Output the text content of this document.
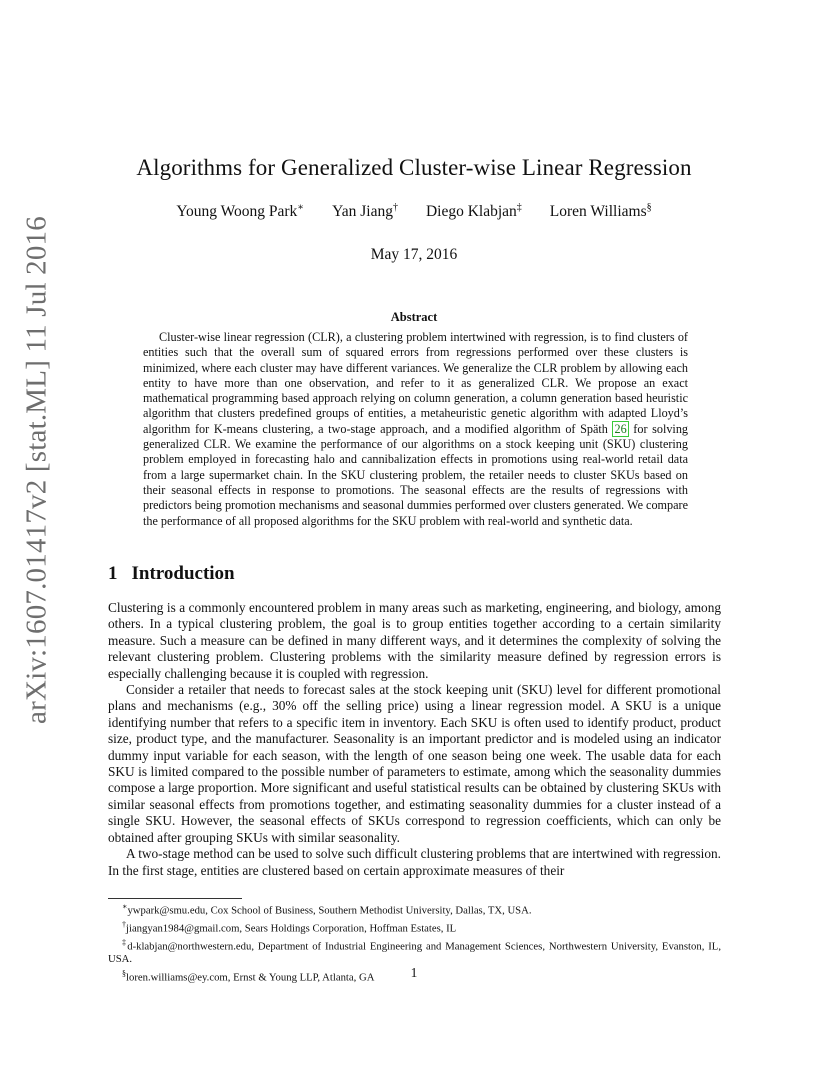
arXiv:1607.01417v2 [stat.ML] 11 Jul 2016
Algorithms for Generalized Cluster-wise Linear Regression
Young Woong Park∗ Yan Jiang† Diego Klabjan‡ Loren Williams§
May 17, 2016
Abstract
Cluster-wise linear regression (CLR), a clustering problem intertwined with regression, is to find clusters of entities such that the overall sum of squared errors from regressions performed over these clusters is minimized, where each cluster may have different variances. We generalize the CLR problem by allowing each entity to have more than one observation, and refer to it as generalized CLR. We propose an exact mathematical programming based approach relying on column generation, a column generation based heuristic algorithm that clusters predefined groups of entities, a metaheuristic genetic algorithm with adapted Lloyd’s algorithm for K-means clustering, a two-stage approach, and a modified algorithm of Späth 26 for solving generalized CLR. We examine the performance of our algorithms on a stock keeping unit (SKU) clustering problem employed in forecasting halo and cannibalization effects in promotions using real-world retail data from a large supermarket chain. In the SKU clustering problem, the retailer needs to cluster SKUs based on their seasonal effects in response to promotions. The seasonal effects are the results of regressions with predictors being promotion mechanisms and seasonal dummies performed over clusters generated. We compare the performance of all proposed algorithms for the SKU problem with real-world and synthetic data.
1 Introduction

Clustering is a commonly encountered problem in many areas such as marketing, engineering, and biology, among others. In a typical clustering problem, the goal is to group entities together according to a certain similarity measure. Such a measure can be defined in many different ways, and it determines the complexity of solving the relevant clustering problem. Clustering problems with the similarity measure defined by regression errors is especially challenging because it is coupled with regression.

Consider a retailer that needs to forecast sales at the stock keeping unit (SKU) level for different promotional plans and mechanisms (e.g., 30% off the selling price) using a linear regression model. A SKU is a unique identifying number that refers to a specific item in inventory. Each SKU is often used to identify product, product size, product type, and the manufacturer. Seasonality is an important predictor and is modeled using an indicator dummy input variable for each season, with the length of one season being one week. The usable data for each SKU is limited compared to the possible number of parameters to estimate, among which the seasonality dummies compose a large proportion. More significant and useful statistical results can be obtained by clustering SKUs with similar seasonal effects from promotions together, and estimating seasonality dummies for a cluster instead of a single SKU. However, the seasonal effects of SKUs correspond to regression coefficients, which can only be obtained after grouping SKUs with similar seasonality.

A two-stage method can be used to solve such difficult clustering problems that are intertwined with regression. In the first stage, entities are clustered based on certain approximate measures of their

∗ywpark@smu.edu, Cox School of Business, Southern Methodist University, Dallas, TX, USA.

†jiangyan1984@gmail.com, Sears Holdings Corporation, Hoffman Estates, IL

‡d-klabjan@northwestern.edu, Department of Industrial Engineering and Management Sciences, Northwestern University, Evanston, IL, USA.

§loren.williams@ey.com, Ernst & Young LLP, Atlanta, GA	1
